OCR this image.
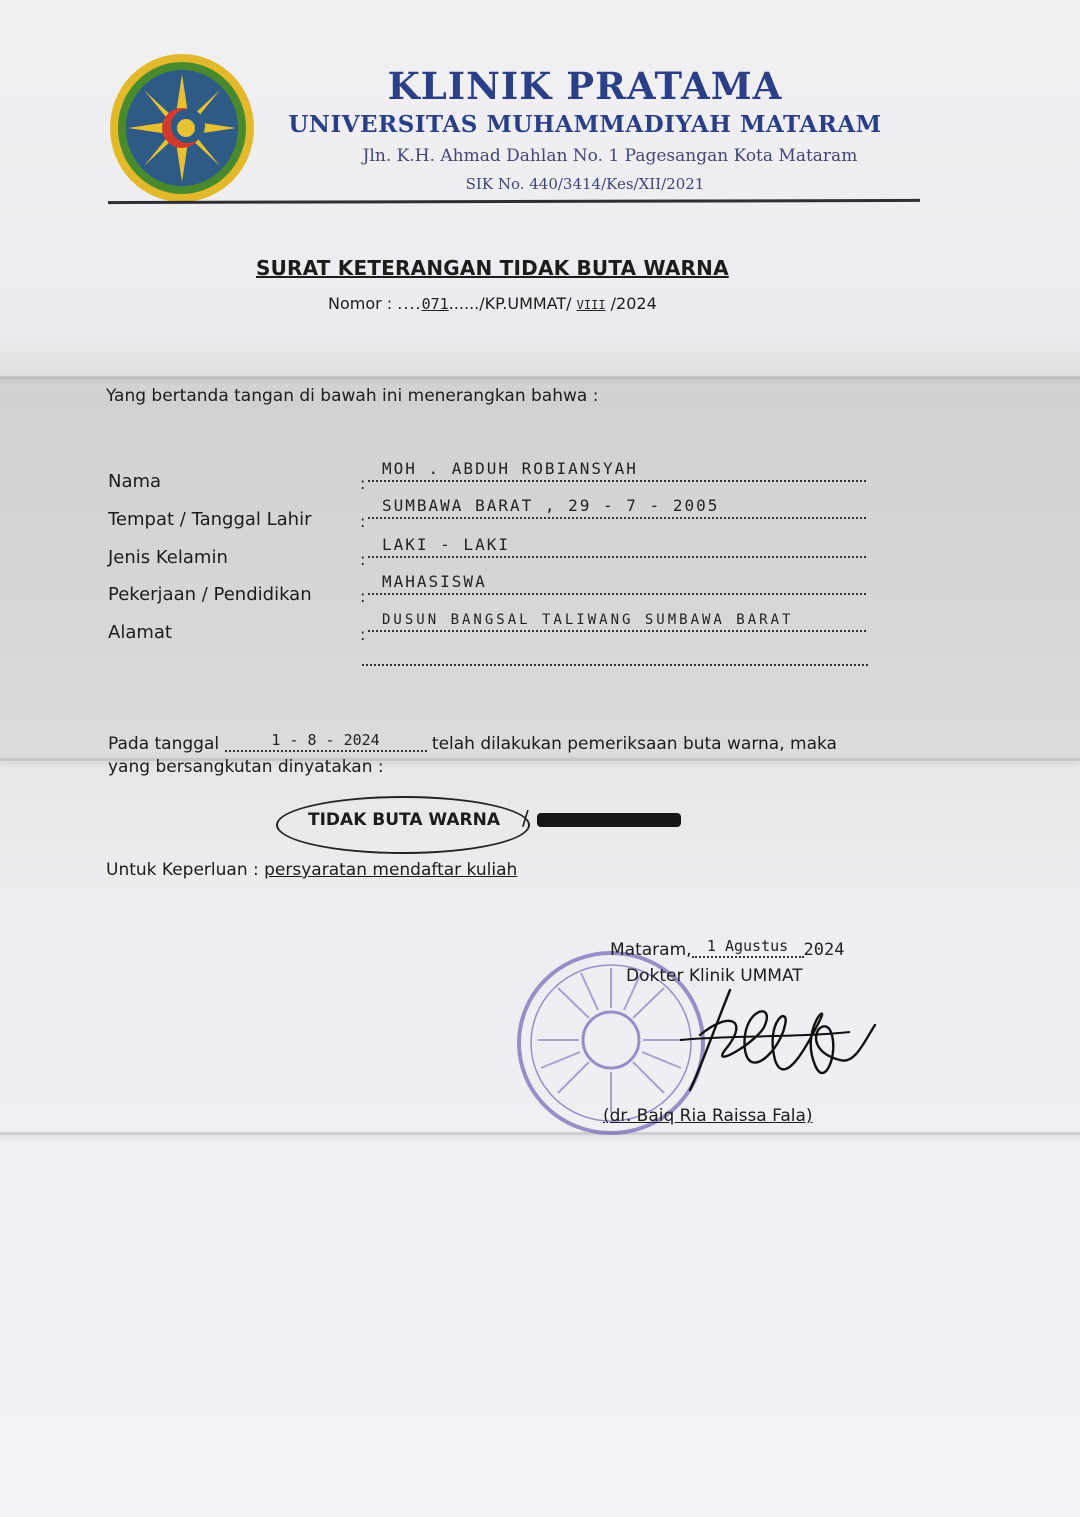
KLINIK PRATAMA
UNIVERSITAS MUHAMMADIYAH MATARAM
Jln. K.H. Ahmad Dahlan No. 1 Pagesangan Kota Mataram
SIK No. 440/3414/Kes/XII/2021
SURAT KETERANGAN TIDAK BUTA WARNA
Nomor : ....071....../KP.UMMAT/ VIII /2024
Yang bertanda tangan di bawah ini menerangkan bahwa :
Nama	:
MOH . ABDUH ROBIANSYAH
Tempat / Tanggal Lahir	:
SUMBAWA BARAT , 29 - 7 - 2005
Jenis Kelamin	:
LAKI - LAKI
Pekerjaan / Pendidikan	:
MAHASISWA
Alamat	:
DUSUN BANGSAL TALIWANG SUMBAWA BARAT
Pada tanggal	1 - 8 - 2024	telah dilakukan pemeriksaan buta warna, maka
yang bersangkutan dinyatakan :
TIDAK BUTA WARNA /
Untuk Keperluan : persyaratan mendaftar kuliah
Mataram, 1 Agustus 2024
Dokter Klinik UMMAT
(dr. Baiq Ria Raissa Fala)
